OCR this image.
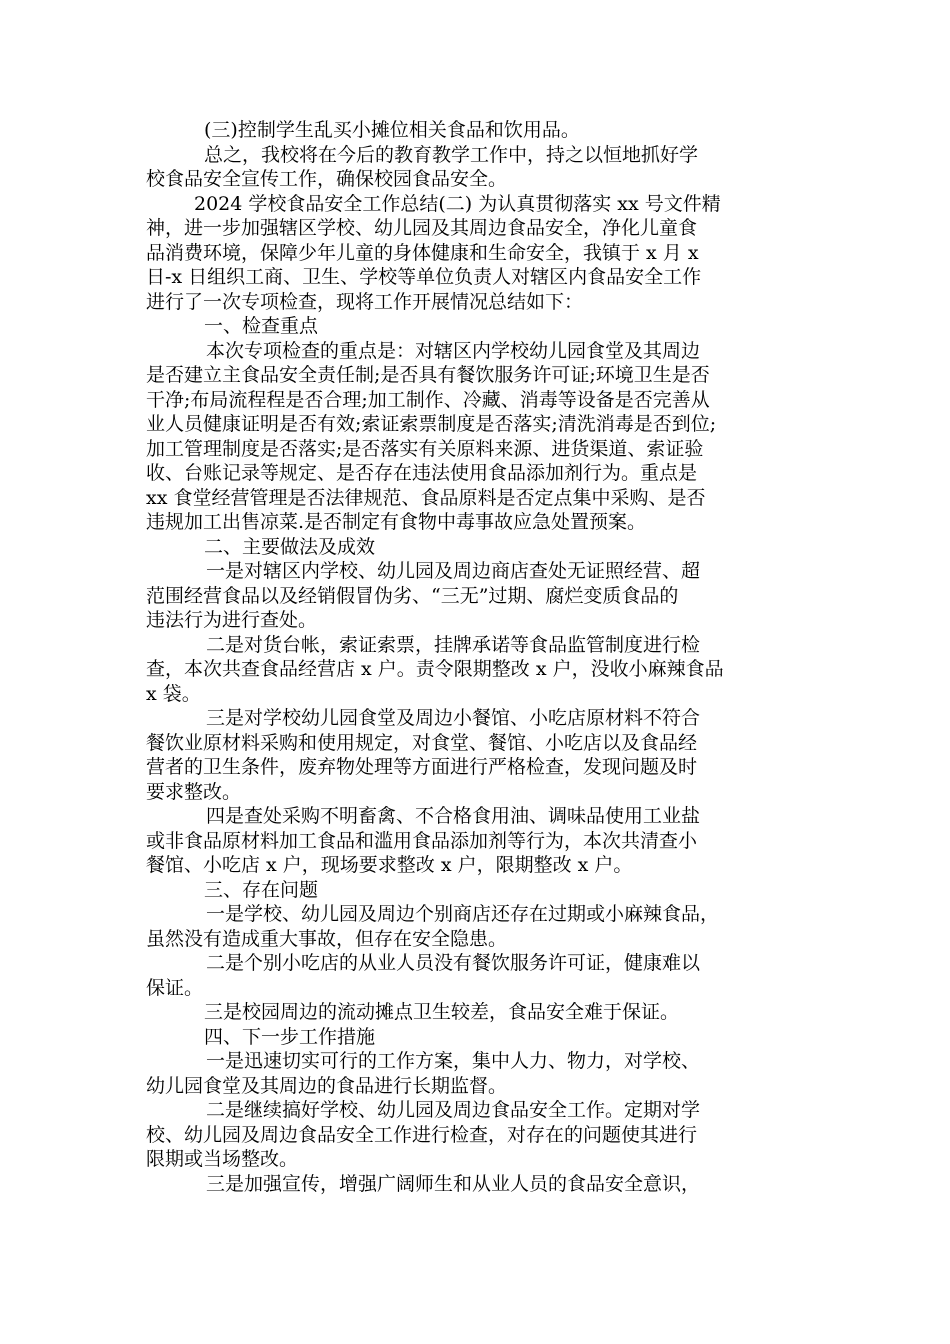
(三)控制学生乱买小摊位相关食品和饮用品。
总之，我校将在今后的教育教学工作中，持之以恒地抓好学
校食品安全宣传工作，确保校园食品安全。
2024 学校食品安全工作总结(二) 为认真贯彻落实 xx 号文件精
神，进一步加强辖区学校、幼儿园及其周边食品安全，净化儿童食
品消费环境，保障少年儿童的身体健康和生命安全，我镇于 x 月 x
日-x 日组织工商、卫生、学校等单位负责人对辖区内食品安全工作
进行了一次专项检查，现将工作开展情况总结如下：
一、检查重点
本次专项检查的重点是：对辖区内学校幼儿园食堂及其周边
是否建立主食品安全责任制;是否具有餐饮服务许可证;环境卫生是否
干净;布局流程程是否合理;加工制作、冷藏、消毒等设备是否完善从
业人员健康证明是否有效;索证索票制度是否落实;清洗消毒是否到位;
加工管理制度是否落实;是否落实有关原料来源、进货渠道、索证验
收、台账记录等规定、是否存在违法使用食品添加剂行为。重点是
xx 食堂经营管理是否法律规范、食品原料是否定点集中采购、是否
违规加工出售凉菜.是否制定有食物中毒事故应急处置预案。
二、主要做法及成效
一是对辖区内学校、幼儿园及周边商店查处无证照经营、超
范围经营食品以及经销假冒伪劣、“三无”过期、腐烂变质食品的
违法行为进行查处。
二是对货台帐，索证索票，挂牌承诺等食品监管制度进行检
查，本次共查食品经营店 x 户。责令限期整改 x 户，没收小麻辣食品
x 袋。
三是对学校幼儿园食堂及周边小餐馆、小吃店原材料不符合
餐饮业原材料采购和使用规定，对食堂、餐馆、小吃店以及食品经
营者的卫生条件，废弃物处理等方面进行严格检查，发现问题及时
要求整改。
四是查处采购不明畜禽、不合格食用油、调味品使用工业盐
或非食品原材料加工食品和滥用食品添加剂等行为，本次共清查小
餐馆、小吃店 x 户，现场要求整改 x 户，限期整改 x 户。
三、存在问题
一是学校、幼儿园及周边个别商店还存在过期或小麻辣食品，
虽然没有造成重大事故，但存在安全隐患。
二是个别小吃店的从业人员没有餐饮服务许可证，健康难以
保证。
三是校园周边的流动摊点卫生较差，食品安全难于保证。
四、下一步工作措施
一是迅速切实可行的工作方案，集中人力、物力，对学校、
幼儿园食堂及其周边的食品进行长期监督。
二是继续搞好学校、幼儿园及周边食品安全工作。定期对学
校、幼儿园及周边食品安全工作进行检查，对存在的问题使其进行
限期或当场整改。
三是加强宣传，增强广阔师生和从业人员的食品安全意识，
